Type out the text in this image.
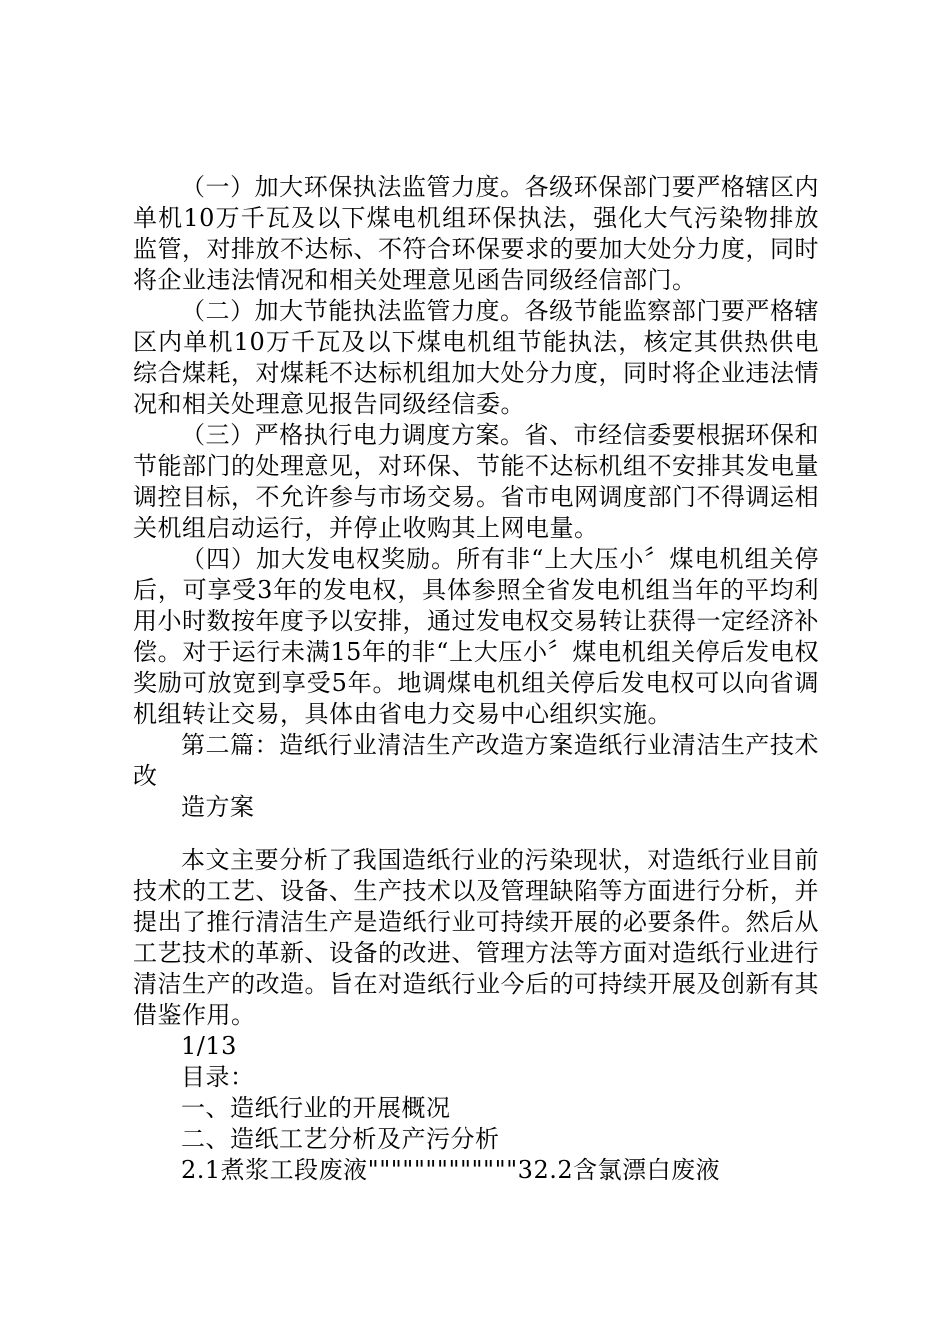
（一）加大环保执法监管力度。各级环保部门要严格辖区内单机10万千瓦及以下煤电机组环保执法，强化大气污染物排放监管，对排放不达标、不符合环保要求的要加大处分力度，同时将企业违法情况和相关处理意见函告同级经信部门。

（二）加大节能执法监管力度。各级节能监察部门要严格辖区内单机10万千瓦及以下煤电机组节能执法，核定其供热供电综合煤耗，对煤耗不达标机组加大处分力度，同时将企业违法情况和相关处理意见报告同级经信委。

（三）严格执行电力调度方案。省、市经信委要根据环保和节能部门的处理意见，对环保、节能不达标机组不安排其发电量调控目标，不允许参与市场交易。省市电网调度部门不得调运相关机组启动运行，并停止收购其上网电量。

（四）加大发电权奖励。所有非“上大压小〞煤电机组关停后，可享受3年的发电权，具体参照全省发电机组当年的平均利用小时数按年度予以安排，通过发电权交易转让获得一定经济补偿。对于运行未满15年的非“上大压小〞煤电机组关停后发电权奖励可放宽到享受5年。地调煤电机组关停后发电权可以向省调机组转让交易，具体由省电力交易中心组织实施。

第二篇：造纸行业清洁生产改造方案造纸行业清洁生产技术改

造方案

本文主要分析了我国造纸行业的污染现状，对造纸行业目前技术的工艺、设备、生产技术以及管理缺陷等方面进行分析，并提出了推行清洁生产是造纸行业可持续开展的必要条件。然后从工艺技术的革新、设备的改进、管理方法等方面对造纸行业进行清洁生产的改造。旨在对造纸行业今后的可持续开展及创新有其借鉴作用。

1/13

目录：

一、造纸行业的开展概况

二、造纸工艺分析及产污分析

2.1煮浆工段废液"""""""""""""32.2含氯漂白废液
